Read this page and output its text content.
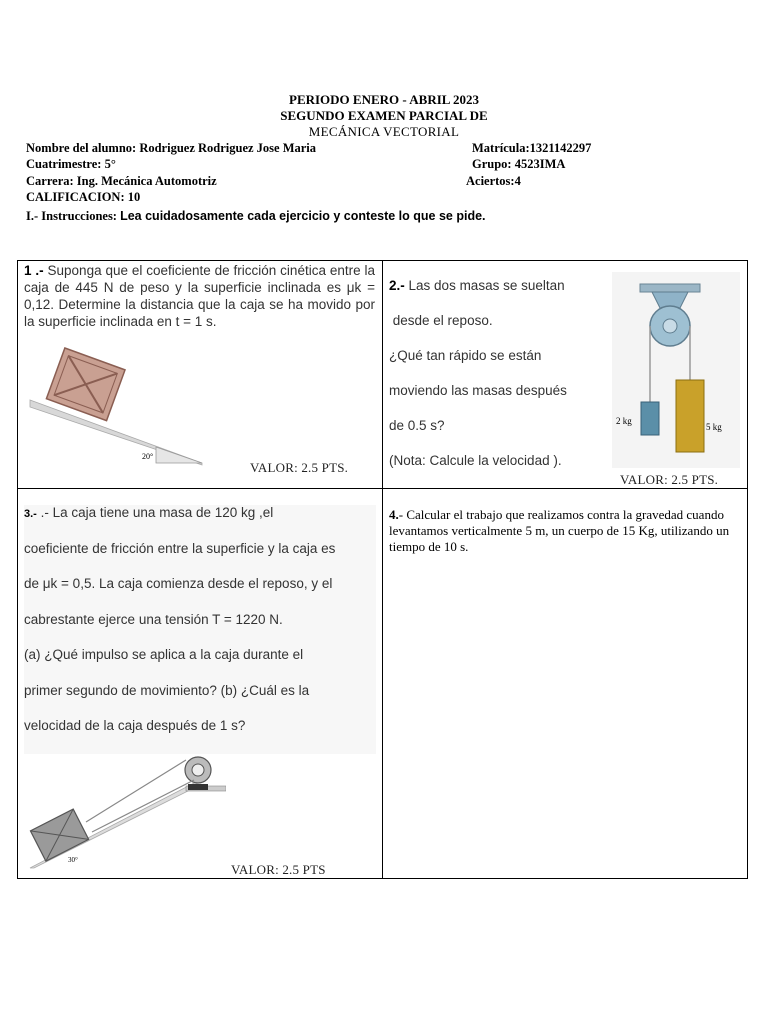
PERIODO ENERO - ABRIL 2023
SEGUNDO EXAMEN PARCIAL DE
MECÁNICA VECTORIAL
Nombre del alumno: Rodriguez Rodriguez Jose Maria	Matrícula:1321142297
Cuatrimestre: 5°	Grupo: 4523IMA
Carrera: Ing. Mecánica Automotriz	Aciertos:4
CALIFICACION: 10
I.- Instrucciones: Lea cuidadosamente cada ejercicio y conteste lo que se pide.
1 .- Suponga que el coeficiente de fricción cinética entre la caja de 445 N de peso y la superficie inclinada es μk = 0,12. Determine la distancia que la caja se ha movido por la superficie inclinada en t = 1 s.
20°
VALOR: 2.5 PTS.
2.- Las dos masas se sueltan
desde el reposo.
¿Qué tan rápido se están
moviendo las masas después
de 0.5 s?
(Nota: Calcule la velocidad ).
2 kg
5 kg
VALOR: 2.5 PTS.
3.- .- La caja tiene una masa de 120 kg ,el
coeficiente de fricción entre la superficie y la caja es
de μk = 0,5. La caja comienza desde el reposo, y el
cabrestante ejerce una tensión T = 1220 N.
(a) ¿Qué impulso se aplica a la caja durante el
primer segundo de movimiento? (b) ¿Cuál es la
velocidad de la caja después de 1 s?
30°
VALOR: 2.5 PTS
4.- Calcular el trabajo que realizamos contra la gravedad cuando levantamos verticalmente 5 m, un cuerpo de 15 Kg, utilizando un tiempo de 10 s.
